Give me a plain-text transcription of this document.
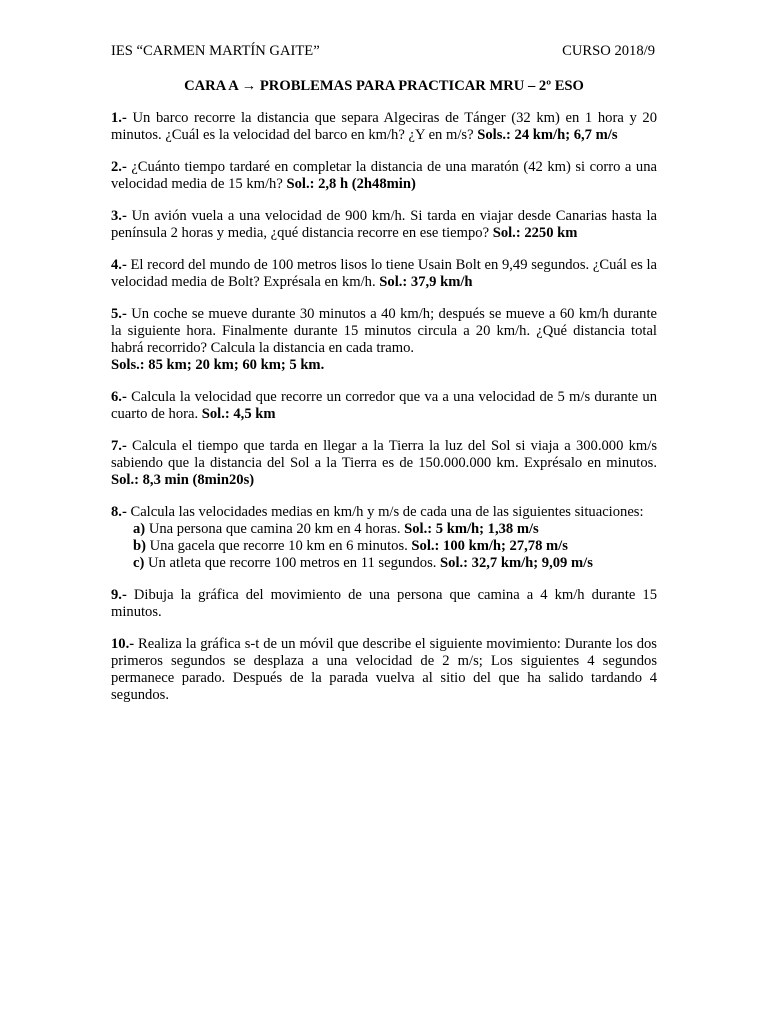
IES “CARMEN MARTÍN GAITE”	CURSO 2018/9
CARA A → PROBLEMAS PARA PRACTICAR MRU – 2º ESO

1.- Un barco recorre la distancia que separa Algeciras de Tánger (32 km) en 1 hora y 20 minutos. ¿Cuál es la velocidad del barco en km/h? ¿Y en m/s? Sols.: 24 km/h; 6,7 m/s

2.- ¿Cuánto tiempo tardaré en completar la distancia de una maratón (42 km) si corro a una velocidad media de 15 km/h? Sol.: 2,8 h (2h48min)

3.- Un avión vuela a una velocidad de 900 km/h. Si tarda en viajar desde Canarias hasta la península 2 horas y media, ¿qué distancia recorre en ese tiempo? Sol.: 2250 km

4.- El record del mundo de 100 metros lisos lo tiene Usain Bolt en 9,49 segundos. ¿Cuál es la velocidad media de Bolt? Exprésala en km/h. Sol.: 37,9 km/h

5.- Un coche se mueve durante 30 minutos a 40 km/h; después se mueve a 60 km/h durante la siguiente hora. Finalmente durante 15 minutos circula a 20 km/h. ¿Qué distancia total habrá recorrido? Calcula la distancia en cada tramo.
Sols.: 85 km; 20 km; 60 km; 5 km.

6.- Calcula la velocidad que recorre un corredor que va a una velocidad de 5 m/s durante un cuarto de hora. Sol.: 4,5 km

7.- Calcula el tiempo que tarda en llegar a la Tierra la luz del Sol si viaja a 300.000 km/s sabiendo que la distancia del Sol a la Tierra es de 150.000.000 km. Exprésalo en minutos. Sol.: 8,3 min (8min20s)

8.- Calcula las velocidades medias en km/h y m/s de cada una de las siguientes situaciones:
a) Una persona que camina 20 km en 4 horas. Sol.: 5 km/h; 1,38 m/s
b) Una gacela que recorre 10 km en 6 minutos. Sol.: 100 km/h; 27,78 m/s
c) Un atleta que recorre 100 metros en 11 segundos. Sol.: 32,7 km/h; 9,09 m/s

9.- Dibuja la gráfica del movimiento de una persona que camina a 4 km/h durante 15 minutos.

10.- Realiza la gráfica s-t de un móvil que describe el siguiente movimiento: Durante los dos primeros segundos se desplaza a una velocidad de 2 m/s; Los siguientes 4 segundos permanece parado. Después de la parada vuelva al sitio del que ha salido tardando 4 segundos.
